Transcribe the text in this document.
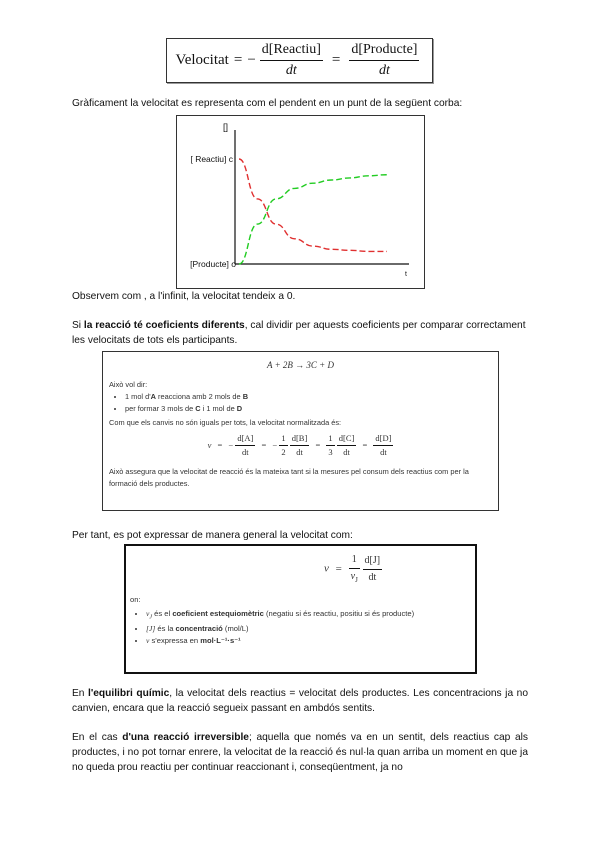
Velocitat = − $\frac{\text{d[Reactiu]}}{dt} = \frac{\text{d[Producte]}}{dt}$

Gràficament la velocitat es representa com el pendent en un punt de la següent corba:

[]
t
[ Reactiu] c
[Producte] o

Observem com , a l'infinit, la velocitat tendeix a 0.

Si la reacció té coeficients diferents, cal dividir per aquests coeficients per comparar correctament les velocitats de tots els participants.

A + 2B → 3C + D
Això vol dir:
• 1 mol d'A reacciona amb 2 mols de B
• per formar 3 mols de C i 1 mol de D
Com que els canvis no són iguals per tots, la velocitat normalitzada és:
v = − $\frac{d[A]}{dt}$ = − $\frac{1}{2}$
$\frac{d[B]}{dt} = \frac{1}{3}$
$\frac{d[C]}{dt} = \frac{d[D]}{dt}$
Això assegura que la velocitat de reacció és la mateixa tant si la mesures pel consum dels reactius com per la formació dels productes.

Per tant, es pot expressar de manera general la velocitat com:

$v = \frac{1}{\nu_J}$
$\frac{d[J]}{dt}$
on:
• $\nu_J$ és el coeficient estequiomètric (negatiu si és reactiu, positiu si és producte)
• [J] és la concentració (mol/L)
• v s'expressa en mol·L⁻¹·s⁻¹

En l'equilibri químic, la velocitat dels reactius = velocitat dels productes. Les concentracions ja no canvien, encara que la reacció segueix passant en ambdós sentits.

En el cas d'una reacció irreversible; aquella que només va en un sentit, dels reactius cap als productes, i no pot tornar enrere, la velocitat de la reacció és nul·la quan arriba un moment en que ja no queda prou reactiu per continuar reaccionant i, conseqüentment, ja no
